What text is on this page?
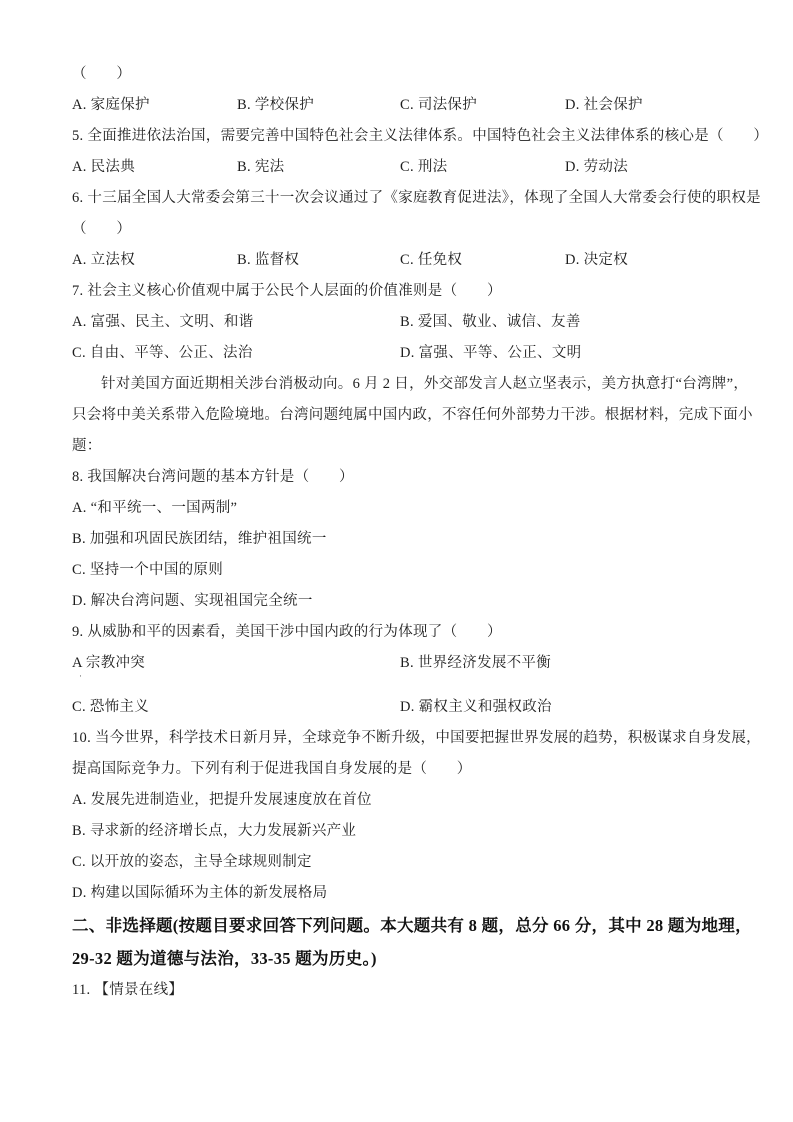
（　　）
A. 家庭保护	B. 学校保护	C. 司法保护	D. 社会保护
5. 全面推进依法治国，需要完善中国特色社会主义法律体系。中国特色社会主义法律体系的核心是（　　）
A. 民法典	B. 宪法	C. 刑法	D. 劳动法
6. 十三届全国人大常委会第三十一次会议通过了《家庭教育促进法》，体现了全国人大常委会行使的职权是
（　　）
A. 立法权	B. 监督权	C. 任免权	D. 决定权
7. 社会主义核心价值观中属于公民个人层面的价值准则是（　　）
A. 富强、民主、文明、和谐	B. 爱国、敬业、诚信、友善
C. 自由、平等、公正、法治	D. 富强、平等、公正、文明
针对美国方面近期相关涉台消极动向。6 月 2 日，外交部发言人赵立坚表示，美方执意打“台湾牌”，
只会将中美关系带入危险境地。台湾问题纯属中国内政，不容任何外部势力干涉。根据材料，完成下面小
题：
8. 我国解决台湾问题的基本方针是（　　）
A. “和平统一、一国两制”
B. 加强和巩固民族团结，维护祖国统一
C. 坚持一个中国的原则
D. 解决台湾问题、实现祖国完全统一
9. 从威胁和平的因素看，美国干涉中国内政的行为体现了（　　）
A 宗教冲突	B. 世界经济发展不平衡
·
C. 恐怖主义	D. 霸权主义和强权政治
10. 当今世界，科学技术日新月异，全球竞争不断升级，中国要把握世界发展的趋势，积极谋求自身发展，
提高国际竞争力。下列有利于促进我国自身发展的是（　　）
A. 发展先进制造业，把提升发展速度放在首位
B. 寻求新的经济增长点，大力发展新兴产业
C. 以开放的姿态，主导全球规则制定
D. 构建以国际循环为主体的新发展格局
二、非选择题(按题目要求回答下列问题。本大题共有 8 题，总分 66 分，其中 28 题为地理，
29-32 题为道德与法治，33-35 题为历史。)
11. 【情景在线】
